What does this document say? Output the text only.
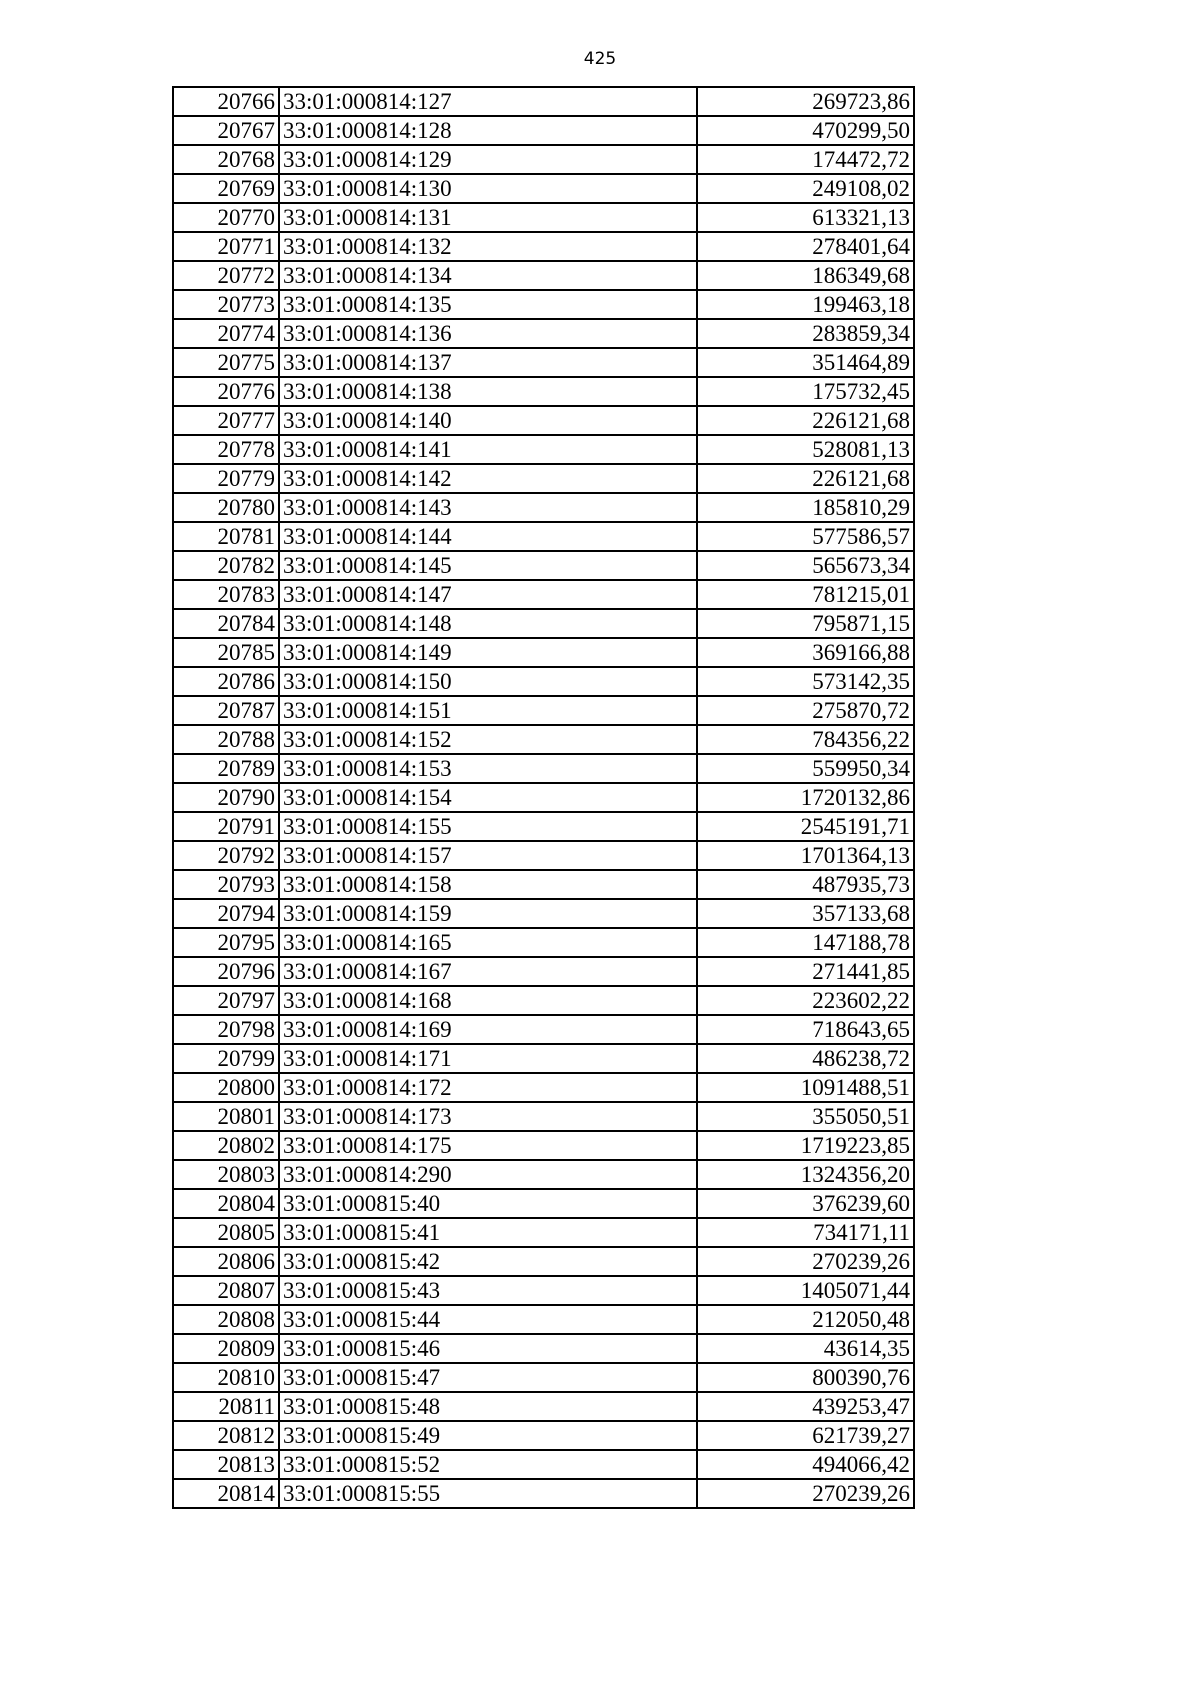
425
20766	33:01:000814:127	269723,86
20767	33:01:000814:128	470299,50
20768	33:01:000814:129	174472,72
20769	33:01:000814:130	249108,02
20770	33:01:000814:131	613321,13
20771	33:01:000814:132	278401,64
20772	33:01:000814:134	186349,68
20773	33:01:000814:135	199463,18
20774	33:01:000814:136	283859,34
20775	33:01:000814:137	351464,89
20776	33:01:000814:138	175732,45
20777	33:01:000814:140	226121,68
20778	33:01:000814:141	528081,13
20779	33:01:000814:142	226121,68
20780	33:01:000814:143	185810,29
20781	33:01:000814:144	577586,57
20782	33:01:000814:145	565673,34
20783	33:01:000814:147	781215,01
20784	33:01:000814:148	795871,15
20785	33:01:000814:149	369166,88
20786	33:01:000814:150	573142,35
20787	33:01:000814:151	275870,72
20788	33:01:000814:152	784356,22
20789	33:01:000814:153	559950,34
20790	33:01:000814:154	1720132,86
20791	33:01:000814:155	2545191,71
20792	33:01:000814:157	1701364,13
20793	33:01:000814:158	487935,73
20794	33:01:000814:159	357133,68
20795	33:01:000814:165	147188,78
20796	33:01:000814:167	271441,85
20797	33:01:000814:168	223602,22
20798	33:01:000814:169	718643,65
20799	33:01:000814:171	486238,72
20800	33:01:000814:172	1091488,51
20801	33:01:000814:173	355050,51
20802	33:01:000814:175	1719223,85
20803	33:01:000814:290	1324356,20
20804	33:01:000815:40	376239,60
20805	33:01:000815:41	734171,11
20806	33:01:000815:42	270239,26
20807	33:01:000815:43	1405071,44
20808	33:01:000815:44	212050,48
20809	33:01:000815:46	43614,35
20810	33:01:000815:47	800390,76
20811	33:01:000815:48	439253,47
20812	33:01:000815:49	621739,27
20813	33:01:000815:52	494066,42
20814	33:01:000815:55	270239,26
